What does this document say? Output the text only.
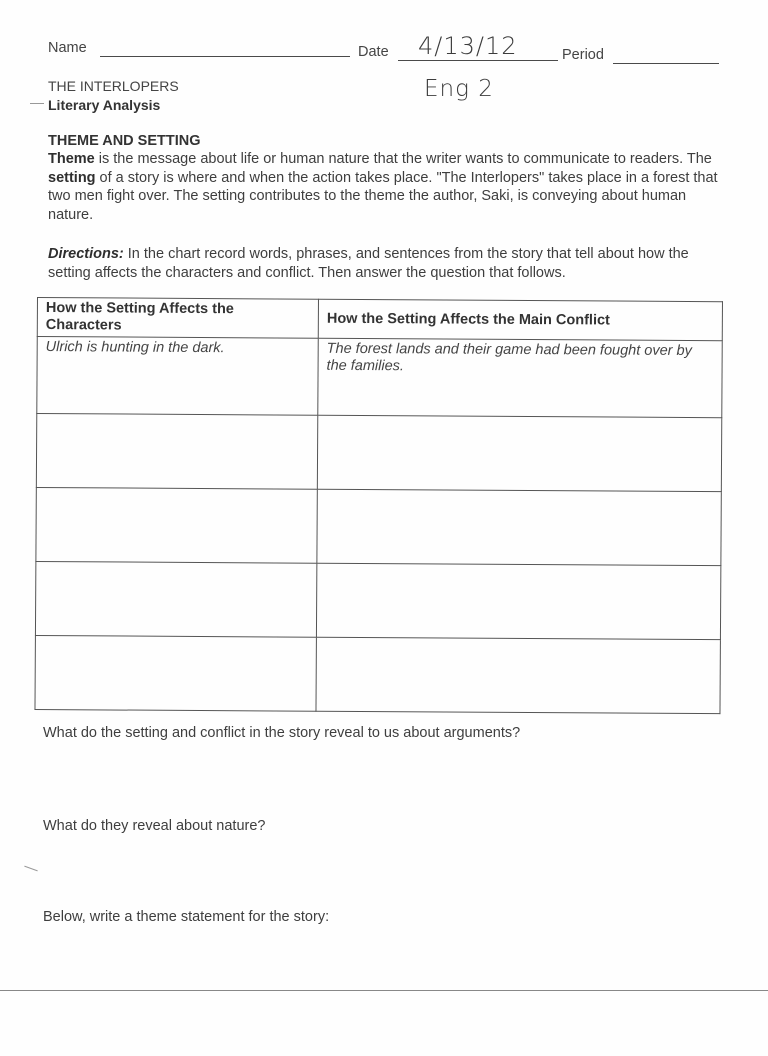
Name	Date 4/13/12	Period
THE INTERLOPERS
Literary Analysis
Eng 2
THEME AND SETTING
Theme is the message about life or human nature that the writer wants to communicate to readers. The setting of a story is where and when the action takes place. "The Interlopers" takes place in a forest that two men fight over. The setting contributes to the theme the author, Saki, is conveying about human nature.
Directions: In the chart record words, phrases, and sentences from the story that tell about how the setting affects the characters and conflict. Then answer the question that follows.
How the Setting Affects the Characters	How the Setting Affects the Main Conflict
Ulrich is hunting in the dark.	The forest lands and their game had been fought over by the families.

What do the setting and conflict in the story reveal to us about arguments?
What do they reveal about nature?
Below, write a theme statement for the story:
